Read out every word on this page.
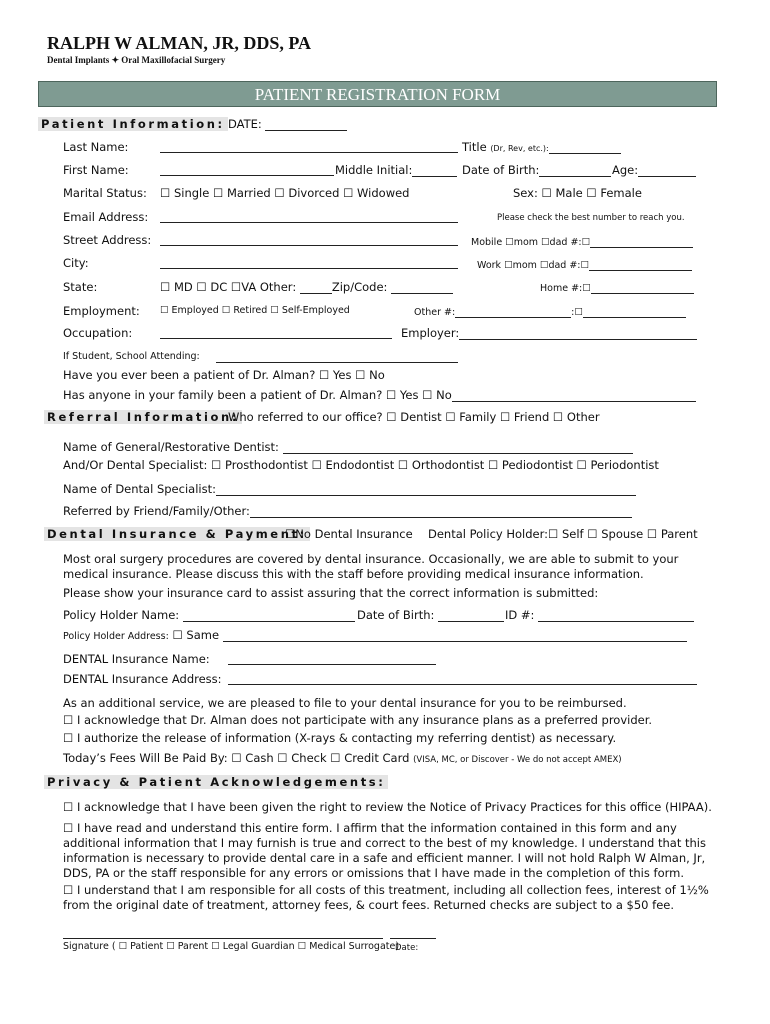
RALPH W ALMAN, JR, DDS, PA
Dental Implants ✦ Oral Maxillofacial Surgery
PATIENT REGISTRATION FORM
Patient Information: DATE:
Last Name:	Title (Dr, Rev, etc.):
First Name:	Middle Initial:	Date of Birth:	Age:
Marital Status: ☐ Single ☐ Married ☐ Divorced ☐ Widowed	Sex: ☐ Male ☐ Female
Email Address:	Please check the best number to reach you.
Street Address:	Mobile ☐mom ☐dad #:☐
City:	Work ☐mom ☐dad #:☐
State:	☐ MD ☐ DC ☐VA Other:	Zip/Code:	Home #:☐
Employment: ☐ Employed ☐ Retired ☐ Self-Employed	Other #:	:☐
Occupation:	Employer:
If Student, School Attending:
Have you ever been a patient of Dr. Alman? ☐ Yes ☐ No
Has anyone in your family been a patient of Dr. Alman? ☐ Yes ☐ No
Referral Information:
Who referred to our office? ☐ Dentist ☐ Family ☐ Friend ☐ Other
Name of General/Restorative Dentist:
And/Or Dental Specialist: ☐ Prosthodontist ☐ Endodontist ☐ Orthodontist ☐ Pediodontist ☐ Periodontist
Name of Dental Specialist:
Referred by Friend/Family/Other:
Dental Insurance & Payment:
☐No Dental Insurance Dental Policy Holder:☐ Self ☐ Spouse ☐ Parent
Most oral surgery procedures are covered by dental insurance. Occasionally, we are able to submit to your medical insurance. Please discuss this with the staff before providing medical insurance information.
Please show your insurance card to assist assuring that the correct information is submitted:
Policy Holder Name:	Date of Birth:	ID #:
Policy Holder Address: ☐ Same
DENTAL Insurance Name:
DENTAL Insurance Address:
As an additional service, we are pleased to file to your dental insurance for you to be reimbursed.
☐ I acknowledge that Dr. Alman does not participate with any insurance plans as a preferred provider.
☐ I authorize the release of information (X-rays & contacting my referring dentist) as necessary.
Today’s Fees Will Be Paid By: ☐ Cash ☐ Check ☐ Credit Card (VISA, MC, or Discover - We do not accept AMEX)
Privacy & Patient Acknowledgements:
☐ I acknowledge that I have been given the right to review the Notice of Privacy Practices for this office (HIPAA).
☐ I have read and understand this entire form. I affirm that the information contained in this form and any additional information that I may furnish is true and correct to the best of my knowledge. I understand that this information is necessary to provide dental care in a safe and efficient manner. I will not hold Ralph W Alman, Jr, DDS, PA or the staff responsible for any errors or omissions that I have made in the completion of this form.
☐ I understand that I am responsible for all costs of this treatment, including all collection fees, interest of 1½% from the original date of treatment, attorney fees, & court fees. Returned checks are subject to a $50 fee.
Signature ( ☐ Patient ☐ Parent ☐ Legal Guardian ☐ Medical Surrogate)
Date:
